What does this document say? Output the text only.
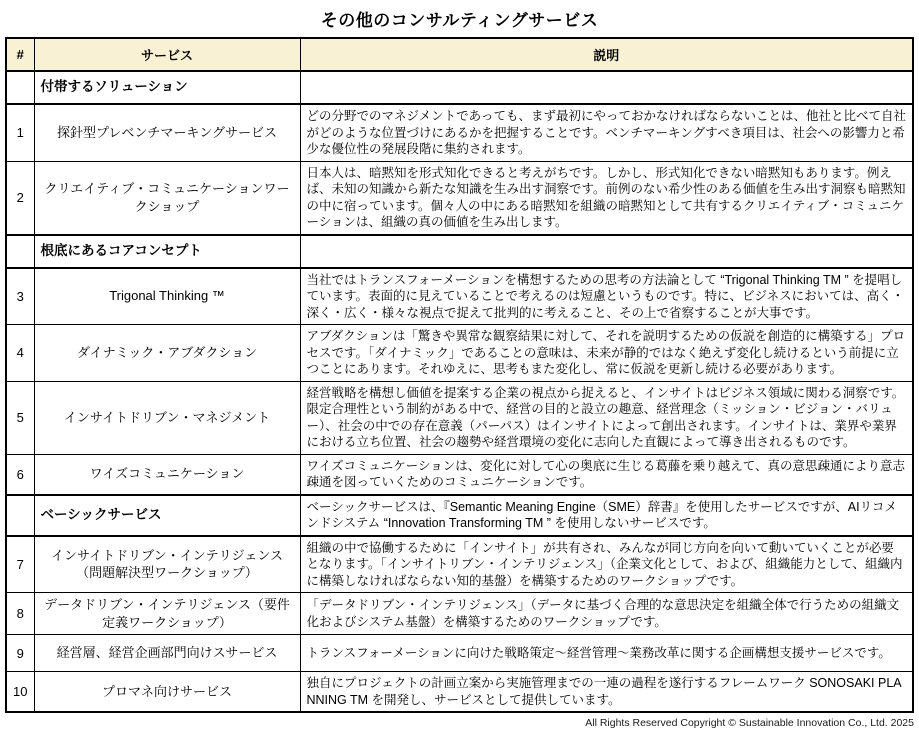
その他のコンサルティングサービス
#	サービス	説明
	付帯するソリューション	
1	探針型プレベンチマーキングサービス	どの分野でのマネジメントであっても、まず最初にやっておかなければならないことは、他社と比べて自社がどのような位置づけにあるかを把握することです。ベンチマーキングすべき項目は、社会への影響力と希少な優位性の発展段階に集約されます。
2	クリエイティブ・コミュニケーションワークショップ	日本人は、暗黙知を形式知化できると考えがちです。しかし、形式知化できない暗黙知もあります。例えば、未知の知識から新たな知識を生み出す洞察です。前例のない希少性のある価値を生み出す洞察も暗黙知の中に宿っています。個々人の中にある暗黙知を組織の暗黙知として共有するクリエイティブ・コミュニケーションは、組織の真の価値を生み出します。
	根底にあるコアコンセプト	
3	Trigonal Thinking ™	当社ではトランスフォーメーションを構想するための思考の方法論として “Trigonal Thinking TM ” を提唱しています。表面的に見えていることで考えるのは短慮というものです。特に、ビジネスにおいては、高く・深く・広く・様々な視点で捉えて批判的に考えること、その上で省察することが大事です。
4	ダイナミック・アブダクション	アブダクションは「驚きや異常な観察結果に対して、それを説明するための仮説を創造的に構築する」プロセスです。「ダイナミック」であることの意味は、未来が静的ではなく絶えず変化し続けるという前提に立つことにあります。それゆえに、思考もまた変化し、常に仮説を更新し続ける必要があります。
5	インサイトドリブン・マネジメント	経営戦略を構想し価値を提案する企業の視点から捉えると、インサイトはビジネス領域に関わる洞察です。限定合理性という制約がある中で、経営の目的と設立の趣意、経営理念（ミッション・ビジョン・バリュー）、社会の中での存在意義（パーパス）はインサイトによって創出されます。インサイトは、業界や業界における立ち位置、社会の趨勢や経営環境の変化に志向した直観によって導き出されるものです。
6	ワイズコミュニケーション	ワイズコミュニケーションは、変化に対して心の奥底に生じる葛藤を乗り越えて、真の意思疎通により意志疎通を図っていくためのコミュニケーションです。
	ベーシックサービス	ベーシックサービスは、『Semantic Meaning Engine（SME）辞書』を使用したサービスですが、AIリコメンドシステム “Innovation Transforming TM ” を使用しないサービスです。
7	インサイトドリブン・インテリジェンス（問題解決型ワークショップ）	組織の中で協働するために「インサイト」が共有され、みんなが同じ方向を向いて動いていくことが必要となります。「インサイトリブン・インテリジェンス」（企業文化として、および、組織能力として、組織内に構築しなければならない知的基盤）を構築するためのワークショップです。
8	データドリブン・インテリジェンス（要件定義ワークショップ）	「データドリブン・インテリジェンス」（データに基づく合理的な意思決定を組織全体で行うための組織文化およびシステム基盤）を構築するためのワークショップです。
9	経営層、経営企画部門向けスサービス	トランスフォーメーションに向けた戦略策定～経営管理～業務改革に関する企画構想支援サービスです。
10	プロマネ向けサービス	独自にプロジェクトの計画立案から実施管理までの一連の過程を遂行するフレームワーク SONOSAKI PLANNING TM を開発し、サービスとして提供しています。
All Rights Reserved Copyright © Sustainable Innovation Co., Ltd. 2025
